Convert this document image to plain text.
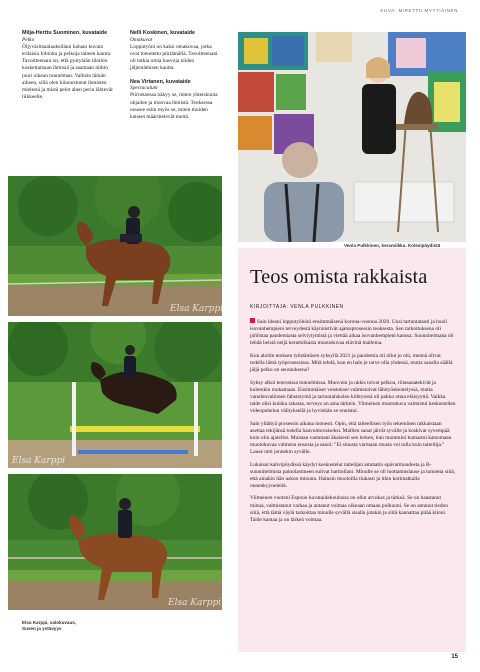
KUVA: MIRETTU MYYTIÄINEN
Milja-Herttu Suominen, kuvataide
Pelko

Öljyvärimaalauksillani haluan kuvata erilaisia fobioita ja pelkoja taiteen kautta. Tavoitteenani on, että pystytään tiloihin koskettamaan ihmisiä ja saamaan niihin juuri oikean tunnelman. Valitsin tämän aiheen, sillä olen kiinnostunut ihmisten mielestä ja mistä pelot ahen perin lähtevät liikkeelle.

Nelli Koskinen, kuvataide
Omakuvat

Lopputyöni on kaksi omakuvaa, jotka ovat toteutettu piirtämällä. Tavoitteenani oli tutkia omia kasvoja niiden jäljentämisen kautta.

Nea Virtanen, kuvataide
Spectaculum

Piirroksessa näkyy se, miten yhteiskunta ohjailee ja muovaa ihmistä. Teoksessa nousee esiin myös se, miten muiden katseet määrittelevät meitä.

Venla Pulkkinen, keramiikka. Kolesipäydistä
Elsa Karppi
Elsa Karppi
Elsa Karppi
Elsa Karppi, valokuvaus,
Suven ja ystävyys
Teos omista rakkaista
KIRJOITTAJA: VENLA PULKKINEN

Sain ideani lopputyöhöni ensimmäisenä korona-vuonna 2020. Uusi tartuntatauti ja huoli isovanhempieni terveydestä käynnistivät ajatusprosessin teoksesta. Sen tarkoituksena oli juhlistaa pandemiasta selviytymistä ja viettää aikaa isovanhempieni kanssa. Suunnitelmana oli tehdä heistä neljä keramiikasta muotokuvaa elävinä malleina.

Kun aloitin teoksen työstämisen syksyllä 2021 ja pandemia oli ollut jo ohi, mennä olivat todella lämä työprosessissa. Mitä tehdä, kun en halu je tarve olla yhdessä, mutta sanalla säällä jäljä pelko on seurauksena?

Syksy alkoi tenrosissa tunnelmissa. Muovuin ja ukkis toivat pelkoa, riitasanatekivät ja kuitenkin mukamaan. Ensimmäiset veistokset valmistuivat lähityöskentelyssä, mutta vanulenvalinnen fabstotymä ja tartuntaluksleo kiihtyessä oli pakko ottaa etäisyyttä. Vaikka taide olisi kuinka rakasta, terveys on aina tärkein. Viimeinen muotokuva valmistui keskustellen videopuhelun välityksellä ja hyvinhän se onnistui.

Sain yllättyä prosessin aikana monesti. Opin, että taiteellisen työn tekeminen rakkaistaan asettaa tekijänsä todella haavoittuvaiseksi. Mallien sanat jäivät syvälle ja koskivat syvempää kuin olin ajatellut. Muistan vammani äkaisesti sen lerken, kun mummini kumartui katsomaan muotokuvaa valmista ensosta ja sanoi: "Ei sinusta varmaan musta voi tulla kuin taiteilija." Lause omi jonnekin syvälle.

Lukaisut kahvipöydissä käydyt keskustelut taiteiljan ammatin epävarmuudesta ja B-suunnitelmista painolastineen sulivat hartioilani. Minulle se oli luottamuslause ja tunnetta siitä, että ainakin hän uskoo minuun. Halusin muotoilla tiukasti ja itkin kotimatkalla onnenkyyneleitä.

Viimeinen vuoteni Espoon kuvataidekoulussa on ollut arvokas ja tärkeä. Se on haastanut minua, valmistanut varhaa ja antanut voimaa oikeaan omaan polkuuni. Se on antanut tiedon siitä, että tämä väylä tarkoittaa minulle syvällä sisalla jotakin ja siitä kannattaa pitää kiinni. Taide kantaa ja on tärkeä voimaa.

15
